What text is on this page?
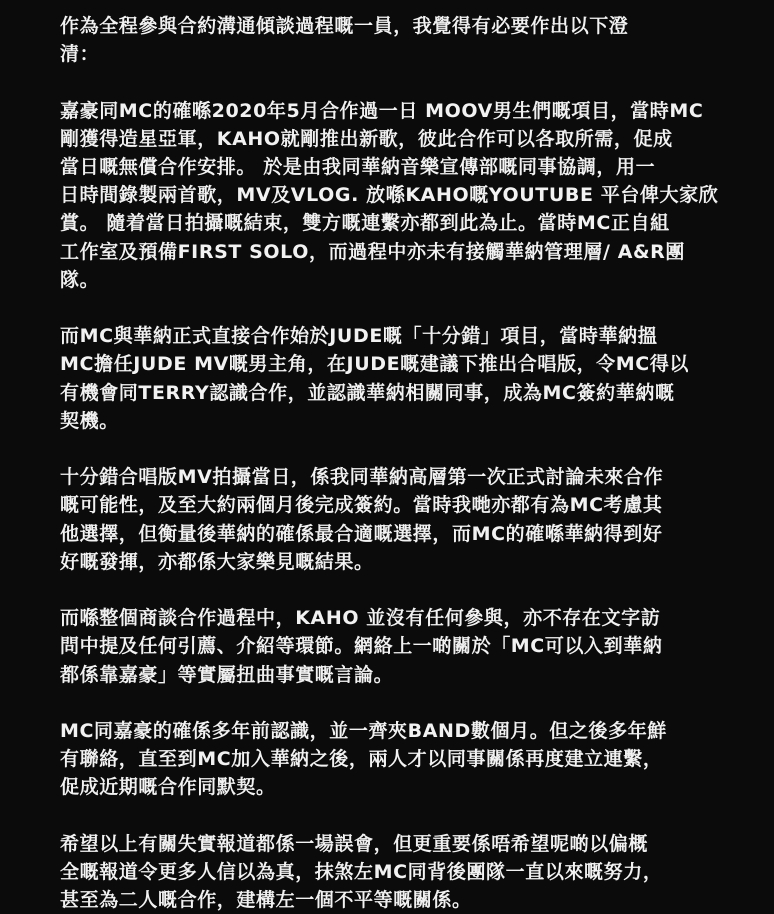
作為全程參與合約溝通傾談過程嘅一員，我覺得有必要作出以下澄
清：

嘉豪同MC的確喺2020年5月合作過一日 MOOV男生們嘅項目，當時MC
剛獲得造星亞軍，KAHO就剛推出新歌，彼此合作可以各取所需，促成
當日嘅無償合作安排。 於是由我同華納音樂宣傳部嘅同事協調，用一
日時間錄製兩首歌，MV及VLOG. 放喺KAHO嘅YOUTUBE 平台俾大家欣
賞。 隨着當日拍攝嘅結束，雙方嘅連繫亦都到此為止。當時MC正自組
工作室及預備FIRST SOLO，而過程中亦未有接觸華納管理層/ A&R團
隊。

而MC與華納正式直接合作始於JUDE嘅「十分錯」項目，當時華納搵
MC擔任JUDE MV嘅男主角，在JUDE嘅建議下推出合唱版，令MC得以
有機會同TERRY認識合作，並認識華納相關同事，成為MC簽約華納嘅
契機。

十分錯合唱版MV拍攝當日，係我同華納高層第一次正式討論未來合作
嘅可能性，及至大約兩個月後完成簽約。當時我哋亦都有為MC考慮其
他選擇，但衡量後華納的確係最合適嘅選擇，而MC的確喺華納得到好
好嘅發揮，亦都係大家樂見嘅結果。

而喺整個商談合作過程中，KAHO 並沒有任何參與，亦不存在文字訪
問中提及任何引薦、介紹等環節。網絡上一啲關於「MC可以入到華納
都係靠嘉豪」等實屬扭曲事實嘅言論。

MC同嘉豪的確係多年前認識，並一齊夾BAND數個月。但之後多年鮮
有聯絡，直至到MC加入華納之後，兩人才以同事關係再度建立連繫，
促成近期嘅合作同默契。

希望以上有關失實報道都係一場誤會，但更重要係唔希望呢啲以偏概
全嘅報道令更多人信以為真，抹煞左MC同背後團隊一直以來嘅努力，
甚至為二人嘅合作，建構左一個不平等嘅關係。
